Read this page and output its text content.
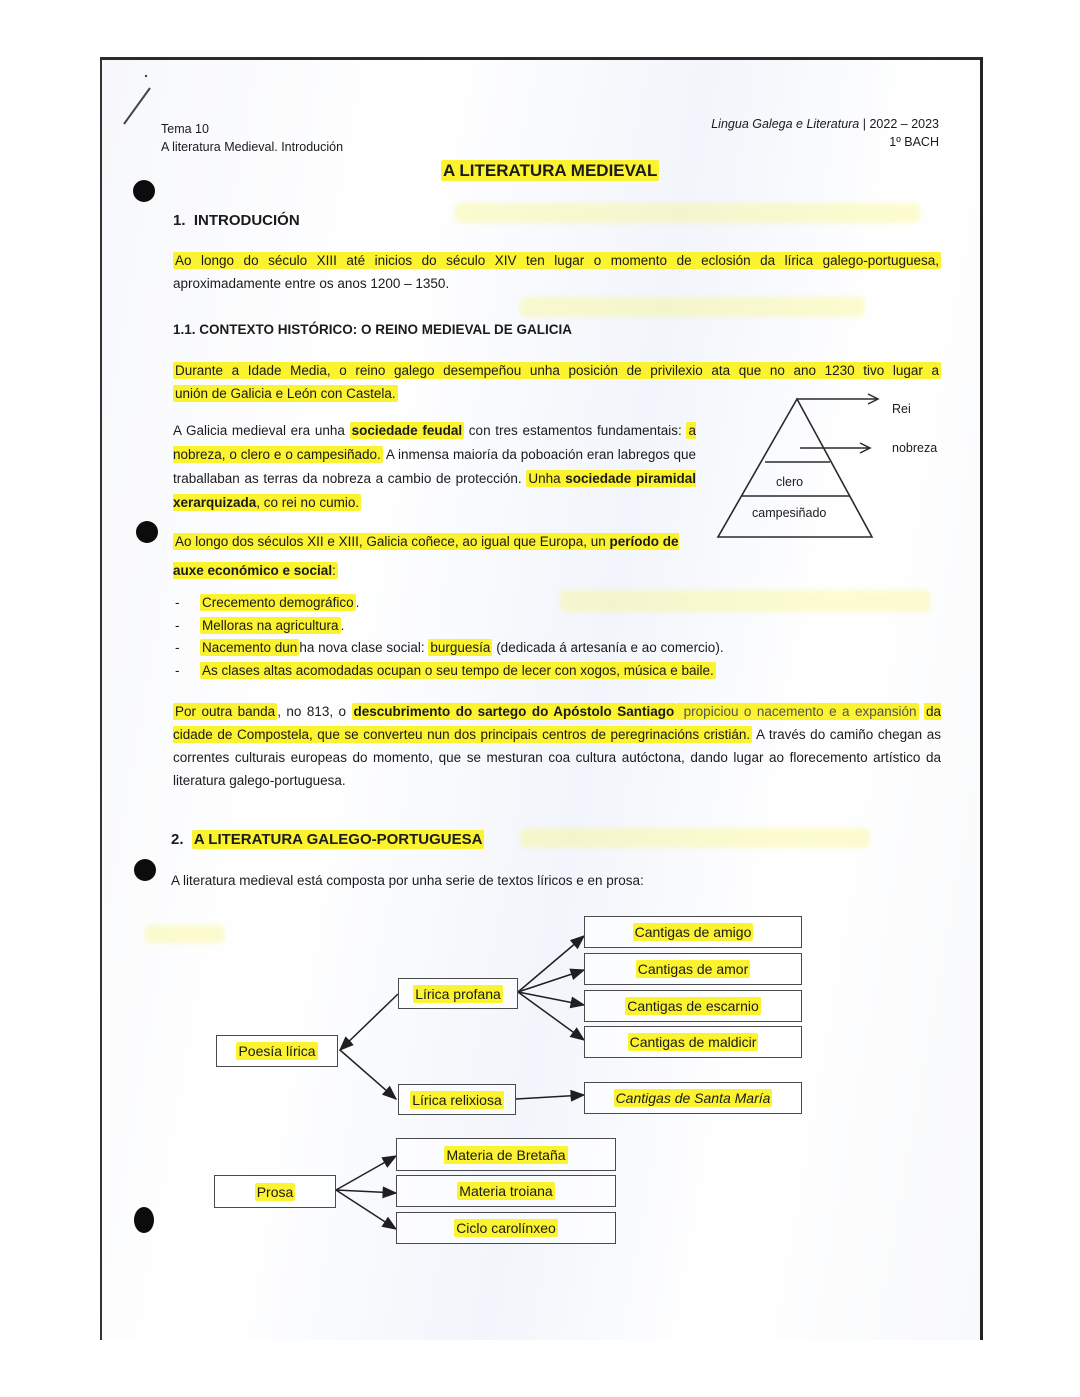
Tema 10
A literatura Medieval. Introdución
Lingua Galega e Literatura | 2022 – 2023
1º BACH
A LITERATURA MEDIEVAL
1. INTRODUCIÓN
Ao longo do século XIII até inicios do século XIV ten lugar o momento de eclosión da lírica galego-portuguesa,
aproximadamente entre os anos 1200 – 1350.
1.1. CONTEXTO HISTÓRICO: O REINO MEDIEVAL DE GALICIA
Durante a Idade Media, o reino galego desempeñou unha posición de privilexio ata que no ano 1230 tivo lugar a
unión de Galicia e León con Castela.
A Galicia medieval era unha sociedade feudal con tres estamentos fundamentais: a nobreza, o clero e o campesiñado. A inmensa maioría da poboación eran labregos que traballaban as terras da nobreza a cambio de protección. Unha sociedade piramidal xerarquizada, co rei no cumio.
Ao longo dos séculos XII e XIII, Galicia coñece, ao igual que Europa, un período de auxe económico e social:
Rei
nobreza
clero
campesiñado
- Crecemento demográfico .
- Melloras na agricultura .
- Nacemento dun ha nova clase social: burguesía (dedicada á artesanía e ao comercio).
- As clases altas acomodadas ocupan o seu tempo de lecer con xogos, música e baile.
Por outra banda , no 813, o descubrimento do sartego do Apóstolo Santiago propiciou o nacemento e a expansión da cidade de Compostela, que se converteu nun dos principais centros de peregrinacións cristián. A través do camiño chegan as correntes culturais europeas do momento, que se mesturan coa cultura autóctona, dando lugar ao florecemento artístico da literatura galego-portuguesa.
2. A LITERATURA GALEGO-PORTUGUESA
A literatura medieval está composta por unha serie de textos líricos e en prosa:
Poesía lírica
Lírica profana
Lírica relixiosa
Cantigas de amigo
Cantigas de amor
Cantigas de escarnio
Cantigas de maldicir
Cantigas de Santa María
Prosa
Materia de Bretaña
Materia troiana
Ciclo carolínxeo
